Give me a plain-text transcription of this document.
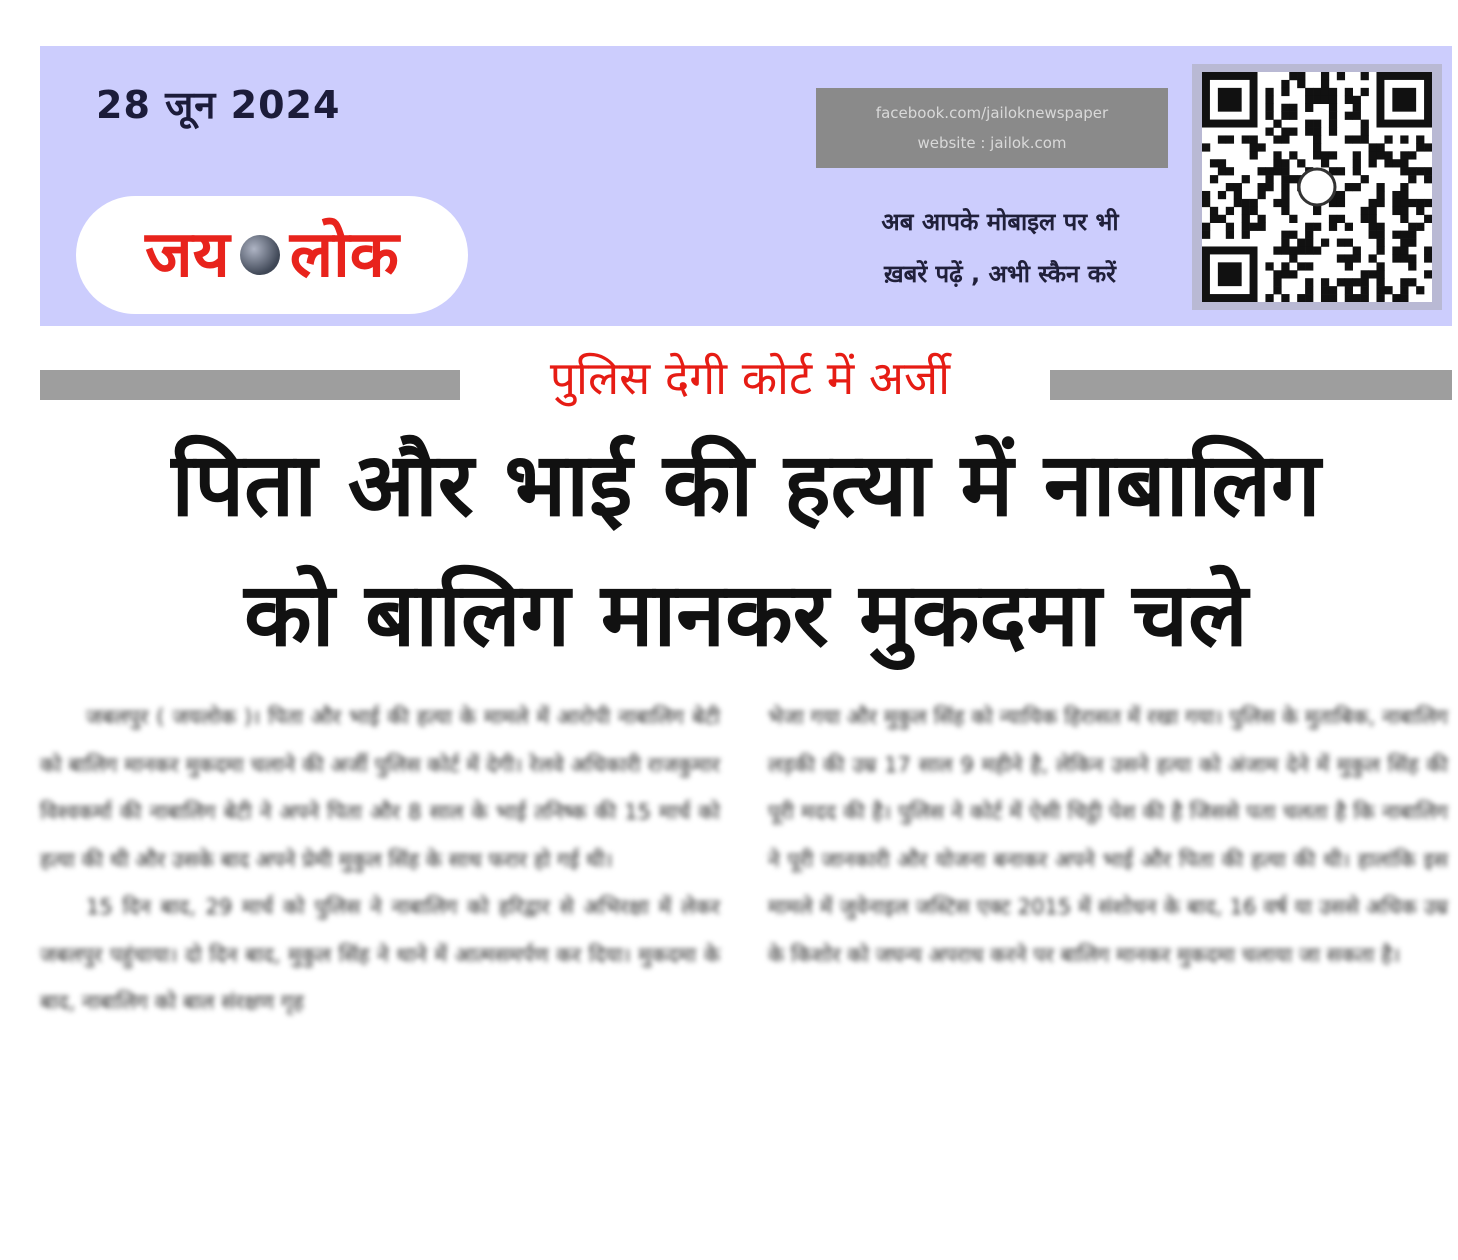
28 जून 2024
जय लोक
facebook.com/jailoknewspaper
website : jailok.com
अब आपके मोबाइल पर भी
ख़बरें पढ़ें , अभी स्कैन करें
पुलिस देगी कोर्ट में अर्जी
पिता और भाई की हत्या में नाबालिग
को बालिग मानकर मुकदमा चले

जबलपुर ( जयलोक )। पिता और भाई की हत्या के मामले में आरोपी नाबालिग बेटी को बालिग मानकर मुकदमा चलाने की अर्जी पुलिस कोर्ट में देगी। रेलवे अधिकारी राजकुमार विश्वकर्मा की नाबालिग बेटी ने अपने पिता और 8 साल के भाई तनिष्क की 15 मार्च को हत्या की थी और उसके बाद अपने प्रेमी मुकुल सिंह के साथ फरार हो गई थी।

15 दिन बाद, 29 मार्च को पुलिस ने नाबालिग को हरिद्वार से अभिरक्षा में लेकर जबलपुर पहुंचाया। दो दिन बाद, मुकुल सिंह ने थाने में आत्मसमर्पण कर दिया। मुकदमा के बाद, नाबालिग को बाल संरक्षण गृह

भेजा गया और मुकुल सिंह को न्यायिक हिरासत में रखा गया। पुलिस के मुताबिक, नाबालिग लड़की की उम्र 17 साल 9 महीने है, लेकिन उसने हत्या को अंजाम देने में मुकुल सिंह की पूरी मदद की है। पुलिस ने कोर्ट में ऐसी चिट्ठी पेश की है जिससे पता चलता है कि नाबालिग ने पूरी जानकारी और योजना बनाकर अपने भाई और पिता की हत्या की थी। हालांकि इस मामले में जुवेनाइल जस्टिस एक्ट 2015 में संशोधन के बाद, 16 वर्ष या उससे अधिक उम्र के किशोर को जघन्य अपराध करने पर बालिग मानकर मुकदमा चलाया जा सकता है।
